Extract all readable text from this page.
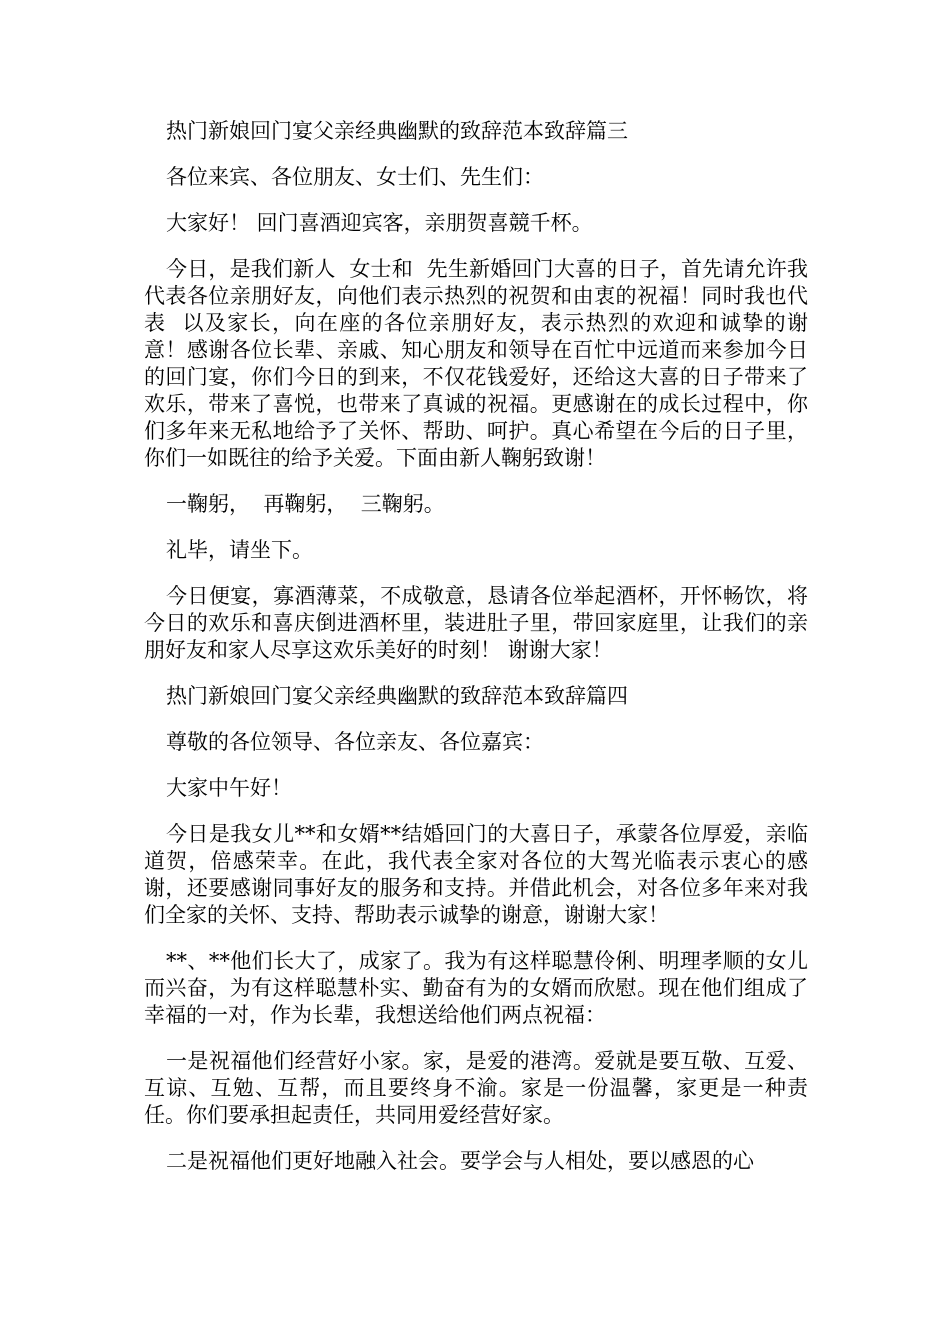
热门新娘回门宴父亲经典幽默的致辞范本致辞篇三

各位来宾、各位朋友、女士们、先生们：

大家好！ 回门喜酒迎宾客，亲朋贺喜競千杯。

今日，是我们新人  女士和  先生新婚回门大喜的日子，首先请允许我代表各位亲朋好友，向他们表示热烈的祝贺和由衷的祝福！同时我也代表  以及家长，向在座的各位亲朋好友，表示热烈的欢迎和诚挚的谢意！感谢各位长辈、亲戚、知心朋友和领导在百忙中远道而来参加今日的回门宴，你们今日的到来，不仅花钱爱好，还给这大喜的日子带来了欢乐，带来了喜悦，也带来了真诚的祝福。更感谢在的成长过程中，你们多年来无私地给予了关怀、帮助、呵护。真心希望在今后的日子里，你们一如既往的给予关爱。下面由新人鞠躬致谢！

一鞠躬，  再鞠躬，  三鞠躬。

礼毕，请坐下。

今日便宴，寡酒薄菜，不成敬意，恳请各位举起酒杯，开怀畅饮，将今日的欢乐和喜庆倒进酒杯里，装进肚子里，带回家庭里，让我们的亲朋好友和家人尽享这欢乐美好的时刻！ 谢谢大家！

热门新娘回门宴父亲经典幽默的致辞范本致辞篇四

尊敬的各位领导、各位亲友、各位嘉宾：

大家中午好！

今日是我女儿**和女婿**结婚回门的大喜日子，承蒙各位厚爱，亲临道贺，倍感荣幸。在此，我代表全家对各位的大驾光临表示衷心的感谢，还要感谢同事好友的服务和支持。并借此机会，对各位多年来对我们全家的关怀、支持、帮助表示诚挚的谢意，谢谢大家！

**、**他们长大了，成家了。我为有这样聪慧伶俐、明理孝顺的女儿而兴奋，为有这样聪慧朴实、勤奋有为的女婿而欣慰。现在他们组成了幸福的一对，作为长辈，我想送给他们两点祝福：

一是祝福他们经营好小家。家，是爱的港湾。爱就是要互敬、互爱、互谅、互勉、互帮，而且要终身不渝。家是一份温馨，家更是一种责任。你们要承担起责任，共同用爱经营好家。

二是祝福他们更好地融入社会。要学会与人相处，要以感恩的心
